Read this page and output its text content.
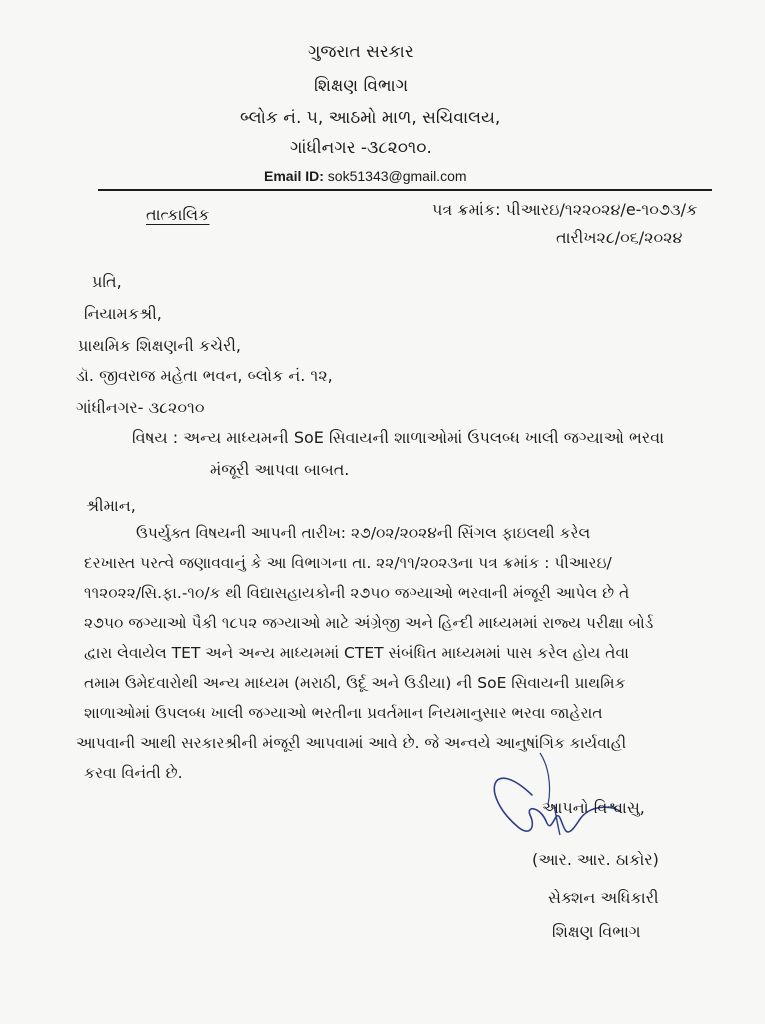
ગુજરાત સરકાર
શિક્ષણ વિભાગ
બ્લોક નં. ૫, આઠમો માળ, સચિવાલય,
ગાંધીનગર -૩૮૨૦૧૦.
Email ID: sok51343@gmail.com
તાત્કાલિક	પત્ર ક્રમાંક: પીઆરઇ/૧૨૨૦૨૪/e-૧૦૭૩/ક
તારીખ૨૮/૦૬/૨૦૨૪
પ્રતિ,
નિયામકશ્રી,
પ્રાથમિક શિક્ષણની કચેરી,
ડૉ. જીવરાજ મહેતા ભવન, બ્લોક નં. ૧૨,
ગાંધીનગર- ૩૮૨૦૧૦
વિષય : અન્ય માધ્યમની SoE સિવાયની શાળાઓમાં ઉપલબ્ધ ખાલી જગ્યાઓ ભરવા
મંજૂરી આપવા બાબત.
શ્રીમાન,
ઉપર્યુક્ત વિષયની આપની તારીખ: ૨૭/૦૨/૨૦૨૪ની સિંગલ ફાઇલથી કરેલ
દરખાસ્ત પરત્વે જણાવવાનું કે આ વિભાગના તા. ૨૨/૧૧/૨૦૨૩ના પત્ર ક્રમાંક : પીઆરઇ/
૧૧૨૦૨૨/સિ.ફા.-૧૦/ક થી વિદ્યાસહાયકોની ૨૭૫૦ જગ્યાઓ ભરવાની મંજૂરી આપેલ છે તે
૨૭૫૦ જગ્યાઓ પૈકી ૧૮૫૨ જગ્યાઓ માટે અંગ્રેજી અને હિન્દી માધ્યમમાં રાજ્ય પરીક્ષા બોર્ડ
દ્વારા લેવાયેલ TET અને અન્ય માધ્યમમાં CTET સંબંધિત માધ્યમમાં પાસ કરેલ હોય તેવા
તમામ ઉમેદવારોથી અન્ય માધ્યમ (મરાઠી, ઉર્દૂ અને ઉડીયા) ની SoE સિવાયની પ્રાથમિક
શાળાઓમાં ઉપલબ્ધ ખાલી જગ્યાઓ ભરતીના પ્રવર્તમાન નિયમાનુસાર ભરવા જાહેરાત
આપવાની આથી સરકારશ્રીની મંજૂરી આપવામાં આવે છે. જે અન્વયે આનુષાંગિક કાર્યવાહી
કરવા વિનંતી છે.
આપનો વિશ્વાસુ,
(આર. આર. ઠાકોર)
સેક્શન અધિકારી
શિક્ષણ વિભાગ
